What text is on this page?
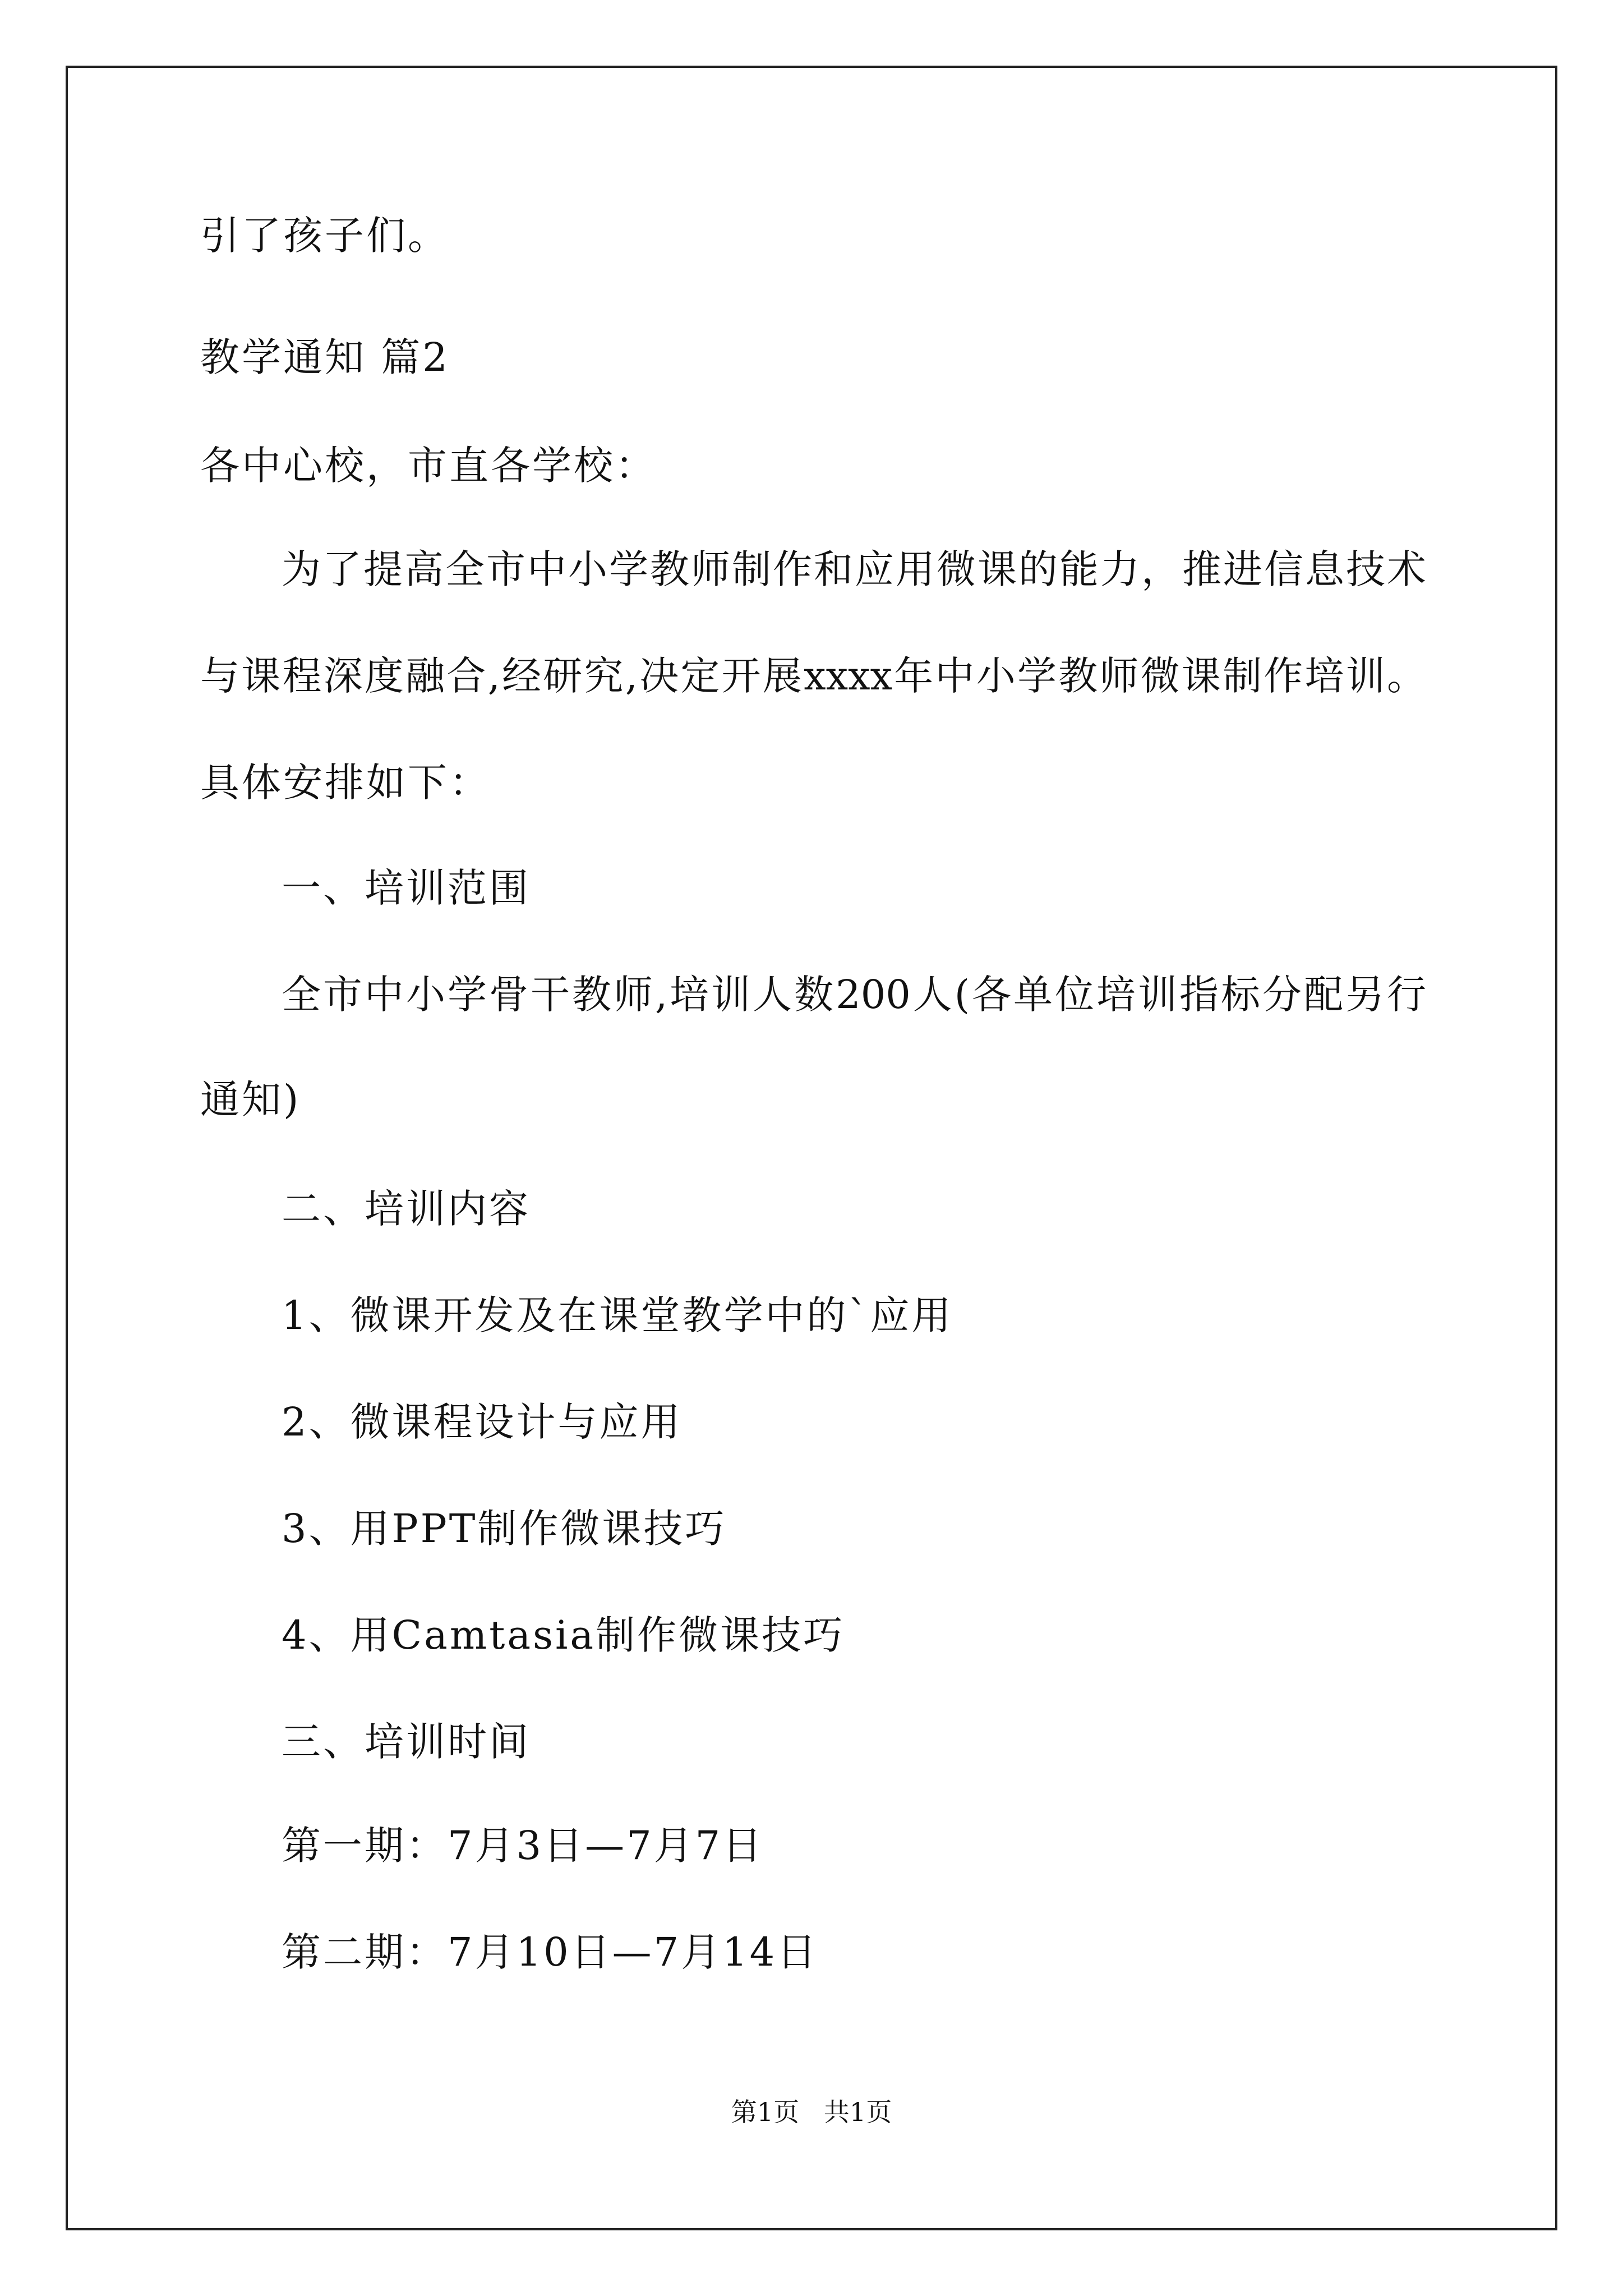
引了孩子们。
教学通知 篇2
各中心校，市直各学校：
为了提高全市中小学教师制作和应用微课的能力，推进信息技术
与课程深度融合,经研究,决定开展xxxx年中小学教师微课制作培训。
具体安排如下：
一、培训范围
全市中小学骨干教师,培训人数200人(各单位培训指标分配另行
通知)
二、培训内容
1、微课开发及在课堂教学中的`应用
2、微课程设计与应用
3、用PPT制作微课技巧
4、用Camtasia制作微课技巧
三、培训时间
第一期：7月3日—7月7日
第二期：7月10日—7月14日
第1页   共1页
